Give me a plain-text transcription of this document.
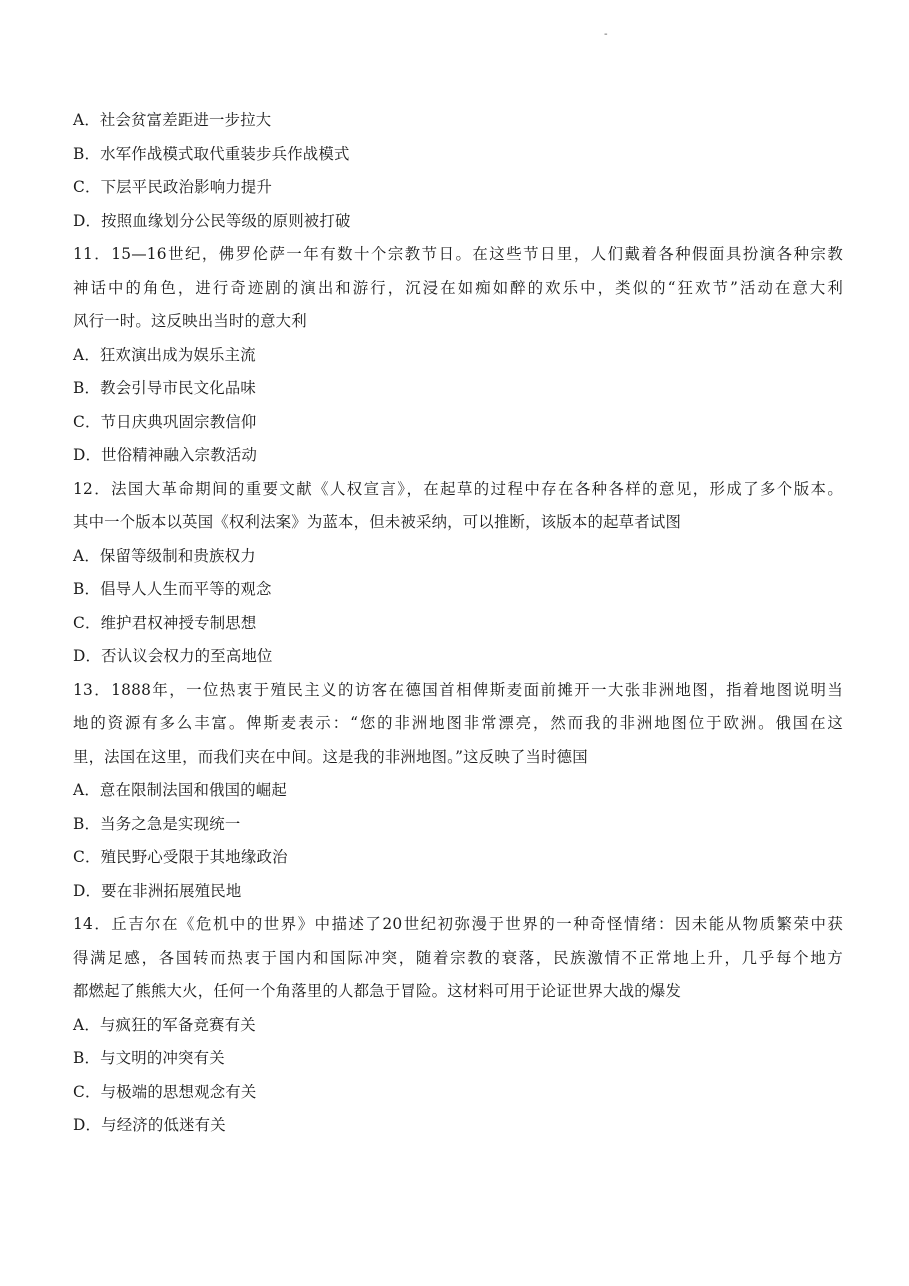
-
A．社会贫富差距进一步拉大
B．水军作战模式取代重装步兵作战模式
C．下层平民政治影响力提升
D．按照血缘划分公民等级的原则被打破
11．15—16世纪，佛罗伦萨一年有数十个宗教节日。在这些节日里，人们戴着各种假面具扮演各种宗教
神话中的角色，进行奇迹剧的演出和游行，沉浸在如痴如醉的欢乐中，类似的“狂欢节”活动在意大利
风行一时。这反映出当时的意大利
A．狂欢演出成为娱乐主流
B．教会引导市民文化品味
C．节日庆典巩固宗教信仰
D．世俗精神融入宗教活动
12．法国大革命期间的重要文献《人权宣言》，在起草的过程中存在各种各样的意见，形成了多个版本。
其中一个版本以英国《权利法案》为蓝本，但未被采纳，可以推断，该版本的起草者试图
A．保留等级制和贵族权力
B．倡导人人生而平等的观念
C．维护君权神授专制思想
D．否认议会权力的至高地位
13．1888年，一位热衷于殖民主义的访客在德国首相俾斯麦面前摊开一大张非洲地图，指着地图说明当
地的资源有多么丰富。俾斯麦表示：“您的非洲地图非常漂亮，然而我的非洲地图位于欧洲。俄国在这
里，法国在这里，而我们夹在中间。这是我的非洲地图。”这反映了当时德国
A．意在限制法国和俄国的崛起
B．当务之急是实现统一
C．殖民野心受限于其地缘政治
D．要在非洲拓展殖民地
14．丘吉尔在《危机中的世界》中描述了20世纪初弥漫于世界的一种奇怪情绪：因未能从物质繁荣中获
得满足感，各国转而热衷于国内和国际冲突，随着宗教的衰落，民族激情不正常地上升，几乎每个地方
都燃起了熊熊大火，任何一个角落里的人都急于冒险。这材料可用于论证世界大战的爆发
A．与疯狂的军备竞赛有关
B．与文明的冲突有关
C．与极端的思想观念有关
D．与经济的低迷有关
